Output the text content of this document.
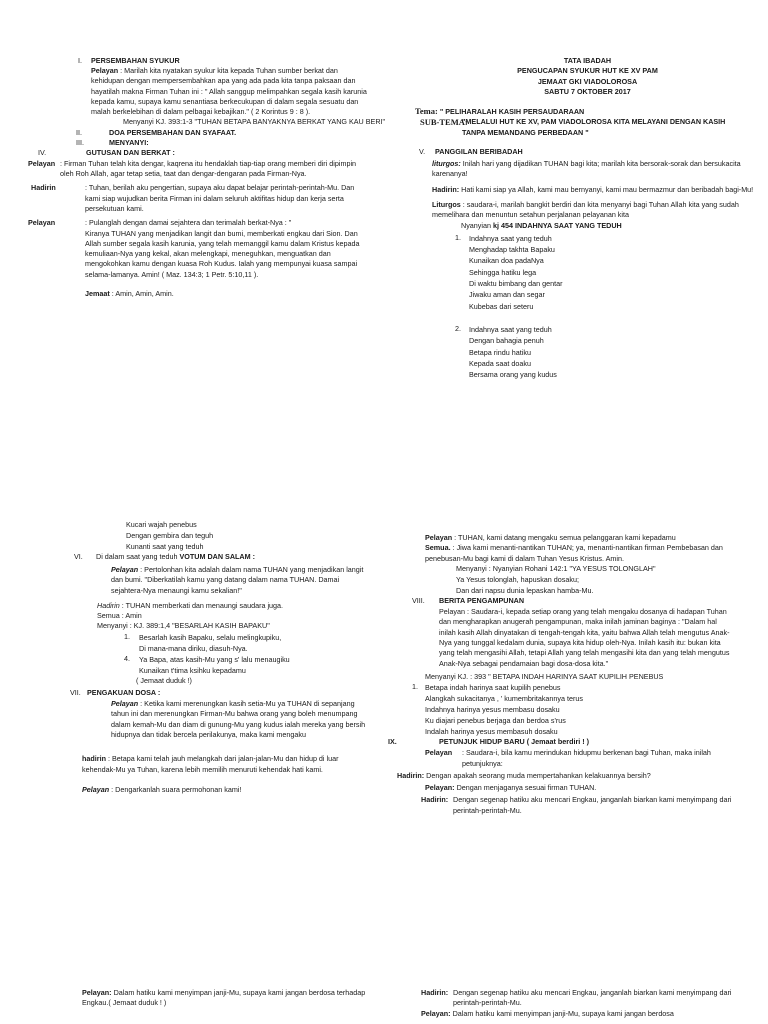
I. PERSEMBAHAN SYUKUR
Pelayan : Marilah kita nyatakan syukur kita kepada Tuhan sumber berkat dan kehidupan dengan mempersembahkan apa yang ada pada kita tanpa paksaan dan hayatilah makna Firman Tuhan ini : " Allah sanggup melimpahkan segala kasih karunia kepada kamu, supaya kamu senantiasa berkecukupan di dalam segala sesuatu dan malah berkelebihan di dalam pelbagai kebajikan." ( 2 Korintus 9 : 8 ).
Menyanyi KJ. 393:1-3 "TUHAN BETAPA BANYAKNYA BERKAT YANG KAU BERI"
II.	DOA PERSEMBAHAN DAN SYAFAAT.
III.	MENYANYI:
IV.	GUTUSAN DAN BERKAT :
Pelayan : Firman Tuhan telah kita dengar, kaqrena itu hendaklah tiap-tiap orang memberi diri dipimpin oleh Roh Allah, agar tetap setia, taat dan dengar-dengaran pada Firman-Nya.
Hadirin	: Tuhan, berilah aku pengertian, supaya aku dapat belajar perintah-perintah-Mu. Dan kami siap wujudkan berita Firman ini dalam seluruh aktifitas hidup dan kerja serta persekutuan kami.
Pelayan	: Pulanglah dengan damai sejahtera dan terimalah berkat-Nya : "
Kiranya TUHAN yang menjadikan langit dan bumi, memberkati engkau dari Sion. Dan Allah sumber segala kasih karunia, yang telah memanggil kamu dalam Kristus kepada kemuliaan-Nya yang kekal, akan melengkapi, meneguhkan, menguatkan dan mengokohkan kamu dengan kuasa Roh Kudus. Ialah yang mempunyai kuasa sampai selama-lamanya. Amin! ( Maz. 134:3; 1 Petr. 5:10,11 ).
Jemaat : Amin, Amin, Amin.
TATA IBADAH
PENGUCAPAN SYUKUR HUT KE XV PAM
JEMAAT GKI VIADOLOROSA
SABTU 7 OKTOBER 2017
Tema: " PELIHARALAH KASIH PERSAUDARAAN
SUB-TEMA:
"MELALUI HUT KE XV, PAM VIADOLOROSA KITA MELAYANI DENGAN KASIH TANPA MEMANDANG PERBEDAAN "
V. PANGGILAN BERIBADAH
liturgos: Inilah hari yang dijadikan TUHAN bagi kita; marilah kita bersorak-sorak dan bersukacita karenanya!
Hadirin: Hati kami siap ya Allah, kami mau bernyanyi, kami mau bermazmur dan beribadah bagi-Mu!
Liturgos : saudara-i, marilah bangkit berdiri dan kita menyanyi bagi Tuhan Allah kita yang sudah memelihara dan menuntun setahun perjalanan pelayanan kita
Nyanyian kj 454 INDAHNYA SAAT YANG TEDUH
1. Indahnya saat yang teduh
Menghadap takhta Bapaku
Kunaikan doa padaNya
Sehingga hatiku lega
Di waktu bimbang dan gentar
Jiwaku aman dan segar
Kubebas dari seteru
2. Indahnya saat yang teduh
Dengan bahagia penuh
Betapa rindu hatiku
Kepada saat doaku
Bersama orang yang kudus
Kucari wajah penebus
Dengan gembira dan teguh
Kunanti saat yang teduh
VI. Di dalam saat yang teduh VOTUM DAN SALAM :
Pelayan : Pertolonhan kita adalah dalam nama TUHAN yang menjadikan langit dan bumi. "Diberkatilah kamu yang datang dalam nama TUHAN. Damai sejahtera-Nya menaungi kamu sekalian!"
Hadirin : TUHAN memberkati dan menaungi saudara juga.
Semua : Amin
Menyanyi : KJ. 389:1,4 "BESARLAH KASIH BAPAKU"
1. Besarlah kasih Bapaku, selalu melingkupiku,
Di mana-mana diriku, diasuh-Nya.
4. Ya Bapa, atas kasih-Mu yang s' lalu menaugiku
Kunaikan t'tima ksihku kepadamu
( Jemaat duduk !)
VII. PENGAKUAN DOSA :
Pelayan : Ketika kami merenungkan kasih setia-Mu ya TUHAN di sepanjang tahun ini dan merenungkan Firman-Mu bahwa orang yang boleh menumpang dalam kemah-Mu dan diam di gunung-Mu yang kudus ialah mereka yang bersih hidupnya dan tidak bercela perilakunya, maka kami mengaku
hadirin : Betapa kami telah jauh melangkah dari jalan-jalan-Mu dan hidup di luar kehendak-Mu ya Tuhan, karena lebih memilih menuruti kehendak hati kami.
Pelayan : Dengarkanlah suara permohonan kami!
Pelayan : TUHAN, kami datang mengaku semua pelanggaran kami kepadamu
Semua. : Jiwa kami menanti-nantikan TUHAN; ya, menanti-nantikan firman Pembebasan dan penebusan-Mu bagi kami di dalam Tuhan Yesus Kristus. Amin.
Menyanyi : Nyanyian Rohani 142:1 "YA YESUS TOLONGLAH"
Ya Yesus tolonglah, hapuskan dosaku;
Dan dari napsu dunia lepaskan hamba-Mu.
VIII. BERITA PENGAMPUNAN
Pelayan : Saudara-i, kepada setiap orang yang telah mengaku dosanya di hadapan Tuhan dan mengharapkan anugerah pengampunan, maka inilah jaminan baginya : "Dalam hal inilah kasih Allah dinyatakan di tengah-tengah kita, yaitu bahwa Allah telah mengutus Anak-Nya yang tunggal kedalam dunia, supaya kita hidup oleh-Nya. Inilah kasih itu: bukan kita yang telah mengasihi Allah, tetapi Allah yang telah mengasihi kita dan yang telah mengutus Anak-Nya sebagai pendamaian bagi dosa-dosa kita."
Menyanyi KJ. : 393 " BETAPA INDAH HARINYA SAAT KUPILIH PENEBUS
1. Betapa indah harinya saat kupilih penebus
Alangkah sukacitanya , ' kumembritakannya terus
Indahnya harinya yesus membasu dosaku
Ku diajari penebus berjaga dan berdoa s'rus
Indalah harinya yesus membasuh dosaku
IX.	PETUNJUK HIDUP BARU ( Jemaat berdiri ! )
Pelayan : Saudara-i, bila kamu merindukan hidupmu berkenan bagi Tuhan, maka inilah petunjuknya:
Hadirin: Dengan apakah seorang muda mempertahankan kelakuannya bersih?
Pelayan: Dengan menjaganya sesuai firman TUHAN.
Hadirin: Dengan segenap hatiku aku mencari Engkau, janganlah biarkan kami menyimpang dari perintah-perintah-Mu.
Pelayan: Dalam hatiku kami menyimpan janji-Mu, supaya kami jangan berdosa terhadap Engkau.( Jemaat duduk ! )
Hadirin: Dengan segenap hatiku aku mencari Engkau, janganlah biarkan kami menyimpang dari perintah-perintah-Mu.
Pelayan: Dalam hatiku kami menyimpan janji-Mu, supaya kami jangan berdosa
